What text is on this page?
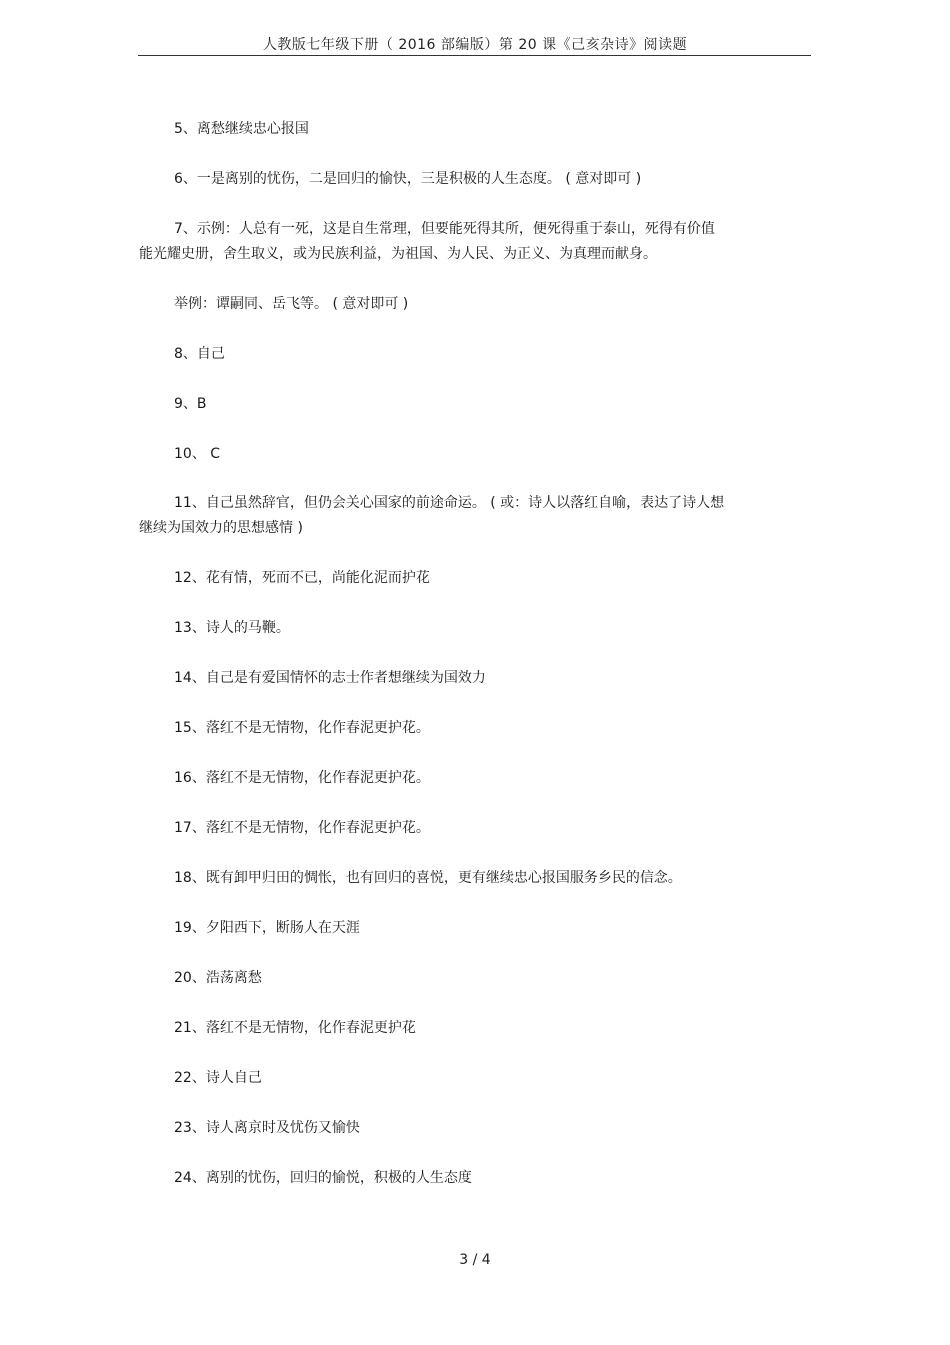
人教版七年级下册（ 2016 部编版）第 20 课《己亥杂诗》阅读题
5、离愁继续忠心报国
6、一是离别的忧伤，二是回归的愉快，三是积极的人生态度。 ( 意对即可 )
7、示例：人总有一死，这是自生常理，但要能死得其所，便死得重于泰山，死得有价值
能光耀史册，舍生取义，或为民族利益，为祖国、为人民、为正义、为真理而献身。
举例：谭嗣同、岳飞等。 ( 意对即可 )
8、自己
9、B
10、 C
11、自己虽然辞官，但仍会关心国家的前途命运。 ( 或：诗人以落红自喻，表达了诗人想
继续为国效力的思想感情 )
12、花有情，死而不已，尚能化泥而护花
13、诗人的马鞭。
14、自己是有爱国情怀的志士作者想继续为国效力
15、落红不是无情物，化作春泥更护花。
16、落红不是无情物，化作春泥更护花。
17、落红不是无情物，化作春泥更护花。
18、既有卸甲归田的惆怅，也有回归的喜悦，更有继续忠心报国服务乡民的信念。
19、夕阳西下，断肠人在天涯
20、浩荡离愁
21、落红不是无情物，化作春泥更护花
22、诗人自己
23、诗人离京时及忧伤又愉快
24、离别的忧伤，回归的愉悦，积极的人生态度
3 / 4
